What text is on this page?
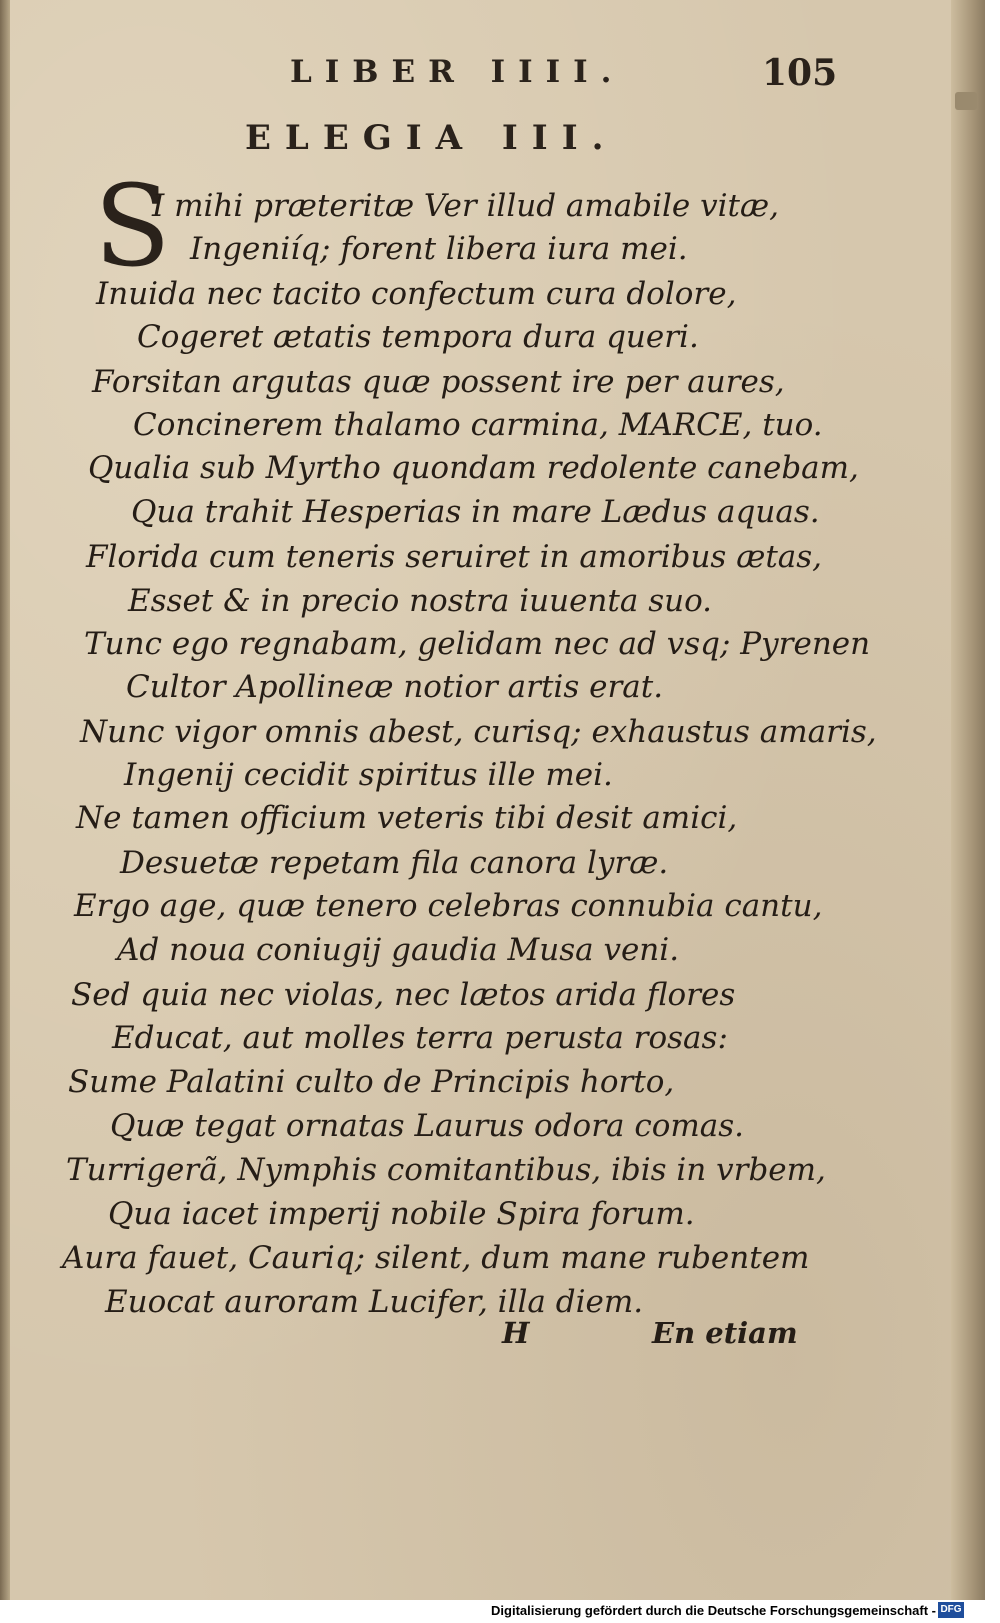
LIBER IIII.	105
ELEGIA III.
S
I mihi præteritæ Ver illud amabile vitæ,
Ingeniíq; forent libera iura mei.
Inuida nec tacito confectum cura dolore,
Cogeret ætatis tempora dura queri.
Forsitan argutas quæ possent ire per aures,
Concinerem thalamo carmina, MARCE, tuo.
Qualia sub Myrtho quondam redolente canebam,
Qua trahit Hesperias in mare Lædus aquas.
Florida cum teneris seruiret in amoribus ætas,
Esset & in precio nostra iuuenta suo.
Tunc ego regnabam, gelidam nec ad vsq; Pyrenen
Cultor Apollineæ notior artis erat.
Nunc vigor omnis abest, curisq; exhaustus amaris,
Ingenij cecidit spiritus ille mei.
Ne tamen officium veteris tibi desit amici,
Desuetæ repetam fila canora lyræ.
Ergo age, quæ tenero celebras connubia cantu,
Ad noua coniugij gaudia Musa veni.
Sed quia nec violas, nec lætos arida flores
Educat, aut molles terra perusta rosas:
Sume Palatini culto de Principis horto,
Quæ tegat ornatas Laurus odora comas.
Turrigerã, Nymphis comitantibus, ibis in vrbem,
Qua iacet imperij nobile Spira forum.
Aura fauet, Cauriq; silent, dum mane rubentem
Euocat auroram Lucifer, illa diem.
H	En etiam
Digitalisierung gefördert durch die Deutsche Forschungsgemeinschaft - DFG
